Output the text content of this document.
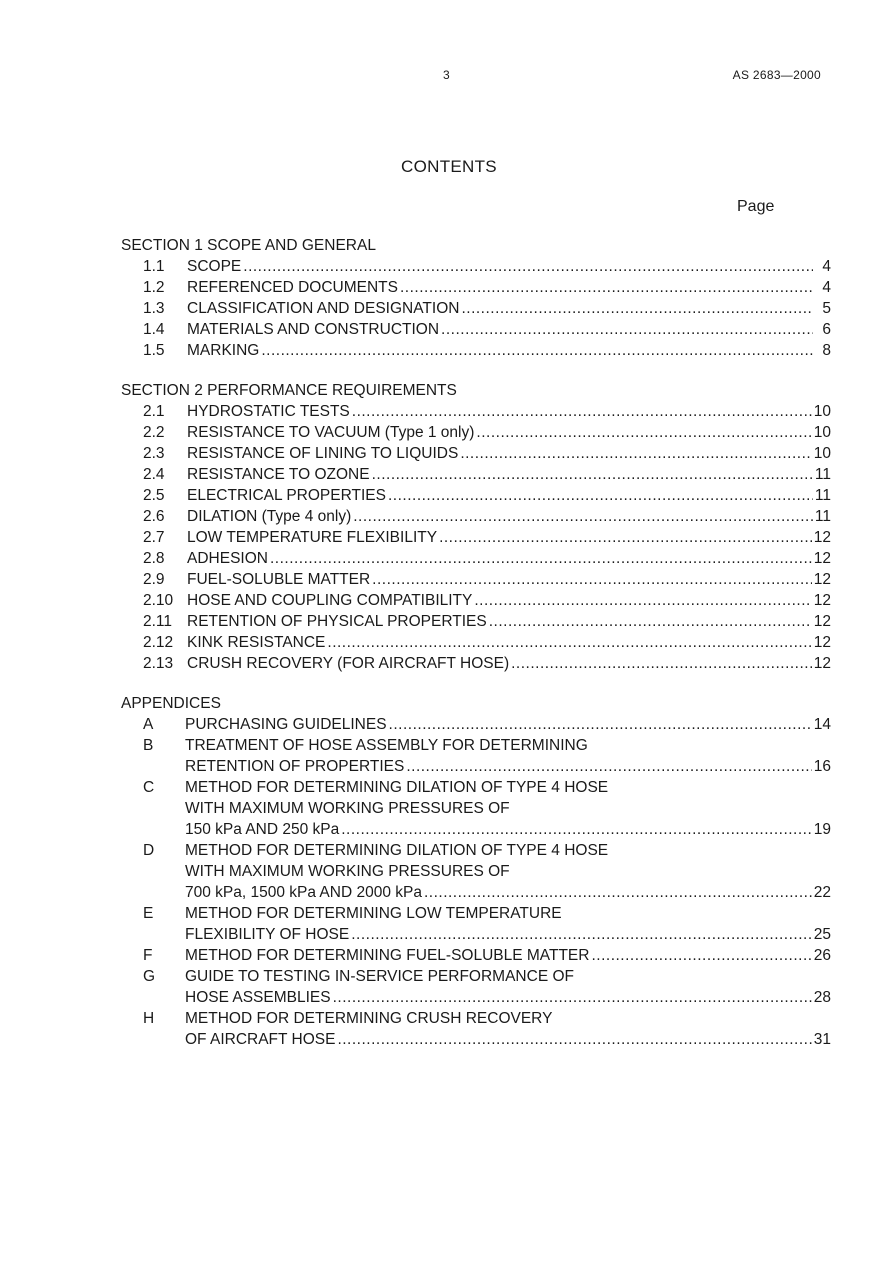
3	AS 2683—2000
CONTENTS
Page
SECTION 1 SCOPE AND GENERAL
1.1	SCOPE .....	4
1.2	REFERENCED DOCUMENTS .....	4
1.3	CLASSIFICATION AND DESIGNATION .....	5
1.4	MATERIALS AND CONSTRUCTION .....	6
1.5	MARKING .....	8
SECTION 2 PERFORMANCE REQUIREMENTS
2.1	HYDROSTATIC TESTS .....	10
2.2	RESISTANCE TO VACUUM (Type 1 only) .....	10
2.3	RESISTANCE OF LINING TO LIQUIDS .....	10
2.4	RESISTANCE TO OZONE .....	11
2.5	ELECTRICAL PROPERTIES .....	11
2.6	DILATION (Type 4 only) .....	11
2.7	LOW TEMPERATURE FLEXIBILITY .....	12
2.8	ADHESION .....	12
2.9	FUEL-SOLUBLE MATTER .....	12
2.10 HOSE AND COUPLING COMPATIBILITY .....	12
2.11 RETENTION OF PHYSICAL PROPERTIES .....	12
2.12 KINK RESISTANCE .....	12
2.13 CRUSH RECOVERY (FOR AIRCRAFT HOSE) .....	12
APPENDICES
A	PURCHASING GUIDELINES .....	14
B	TREATMENT OF HOSE ASSEMBLY FOR DETERMINING
RETENTION OF PROPERTIES .....	16
C	METHOD FOR DETERMINING DILATION OF TYPE 4 HOSE
WITH MAXIMUM WORKING PRESSURES OF
150 kPa AND 250 kPa .....	19
D	METHOD FOR DETERMINING DILATION OF TYPE 4 HOSE
WITH MAXIMUM WORKING PRESSURES OF
700 kPa, 1500 kPa AND 2000 kPa .....	22
E	METHOD FOR DETERMINING LOW TEMPERATURE
FLEXIBILITY OF HOSE .....	25
F	METHOD FOR DETERMINING FUEL-SOLUBLE MATTER .....	26
G	GUIDE TO TESTING IN-SERVICE PERFORMANCE OF
HOSE ASSEMBLIES .....	28
H	METHOD FOR DETERMINING CRUSH RECOVERY
OF AIRCRAFT HOSE .....	31
